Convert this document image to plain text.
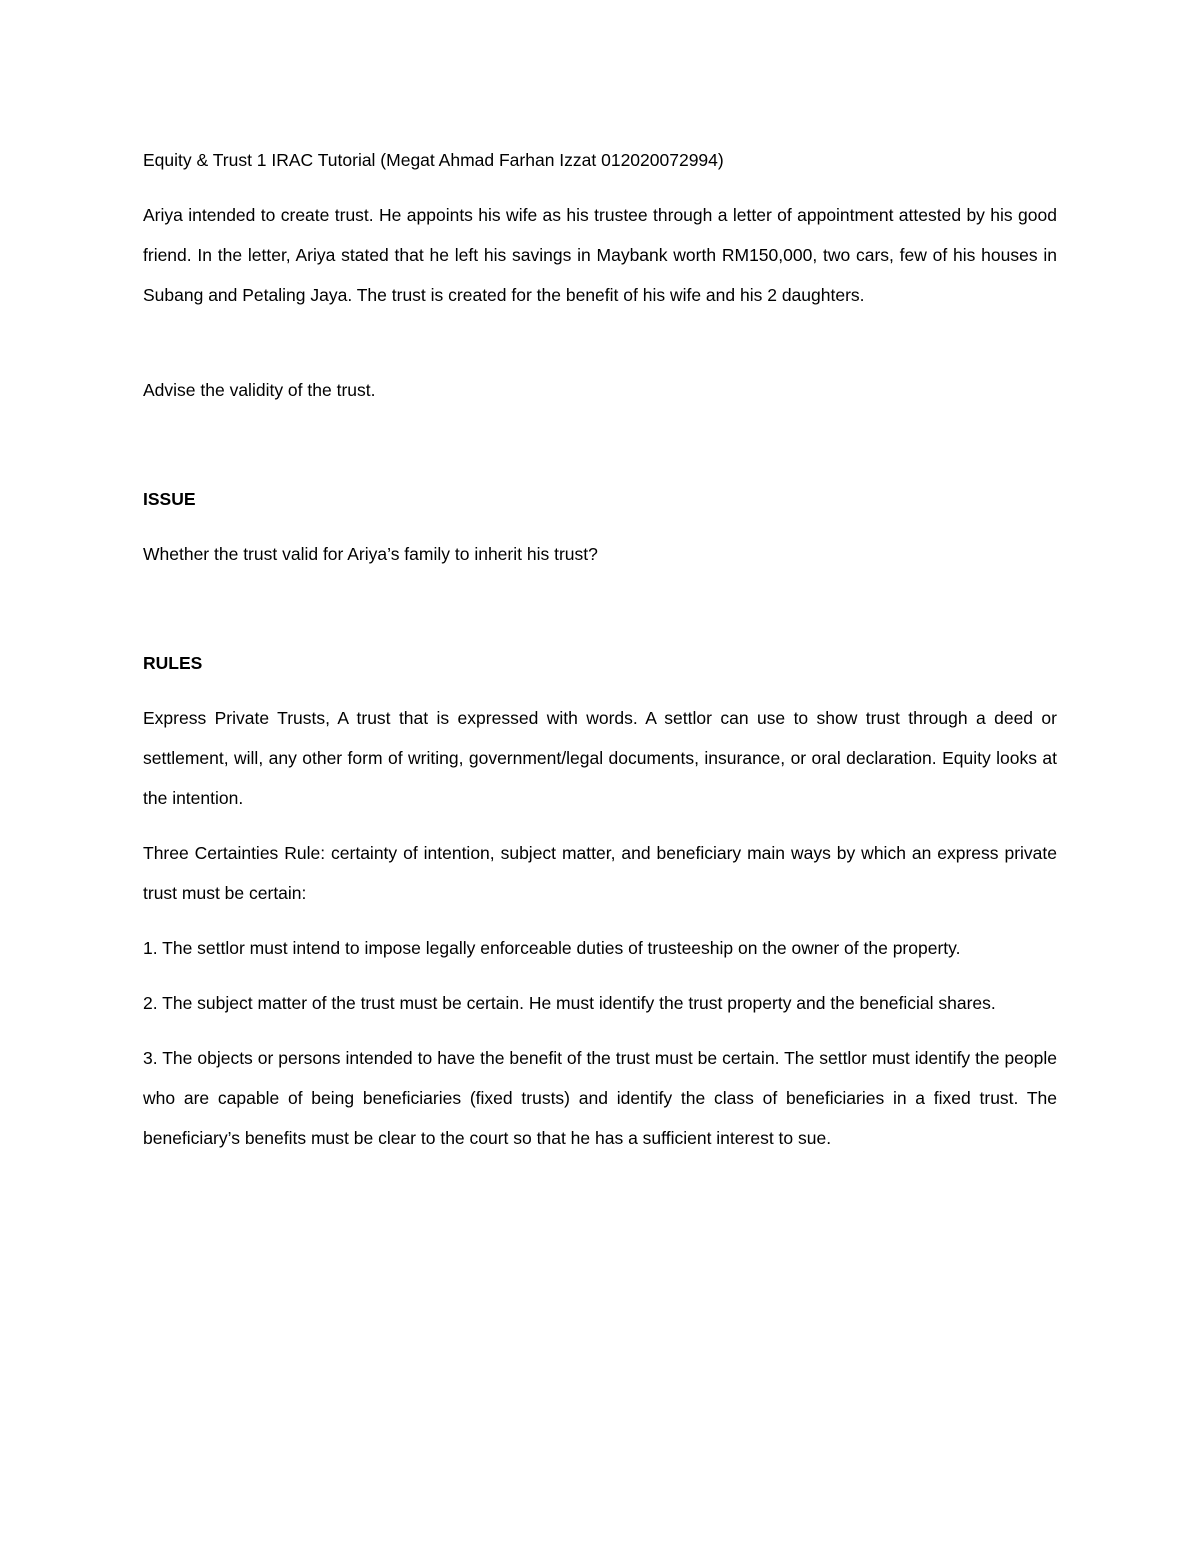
Equity & Trust 1 IRAC Tutorial (Megat Ahmad Farhan Izzat 012020072994)

Ariya intended to create trust. He appoints his wife as his trustee through a letter of appointment attested by his good friend. In the letter, Ariya stated that he left his savings in Maybank worth RM150,000, two cars, few of his houses in Subang and Petaling Jaya. The trust is created for the benefit of his wife and his 2 daughters.

Advise the validity of the trust.

ISSUE

Whether the trust valid for Ariya’s family to inherit his trust?

RULES

Express Private Trusts, A trust that is expressed with words. A settlor can use to show trust through a deed or settlement, will, any other form of writing, government/legal documents, insurance, or oral declaration. Equity looks at the intention.

Three Certainties Rule: certainty of intention, subject matter, and beneficiary main ways by which an express private trust must be certain:

1. The settlor must intend to impose legally enforceable duties of trusteeship on the owner of the property.

2. The subject matter of the trust must be certain. He must identify the trust property and the beneficial shares.

3. The objects or persons intended to have the benefit of the trust must be certain. The settlor must identify the people who are capable of being beneficiaries (fixed trusts) and identify the class of beneficiaries in a fixed trust. The beneficiary’s benefits must be clear to the court so that he has a sufficient interest to sue.
